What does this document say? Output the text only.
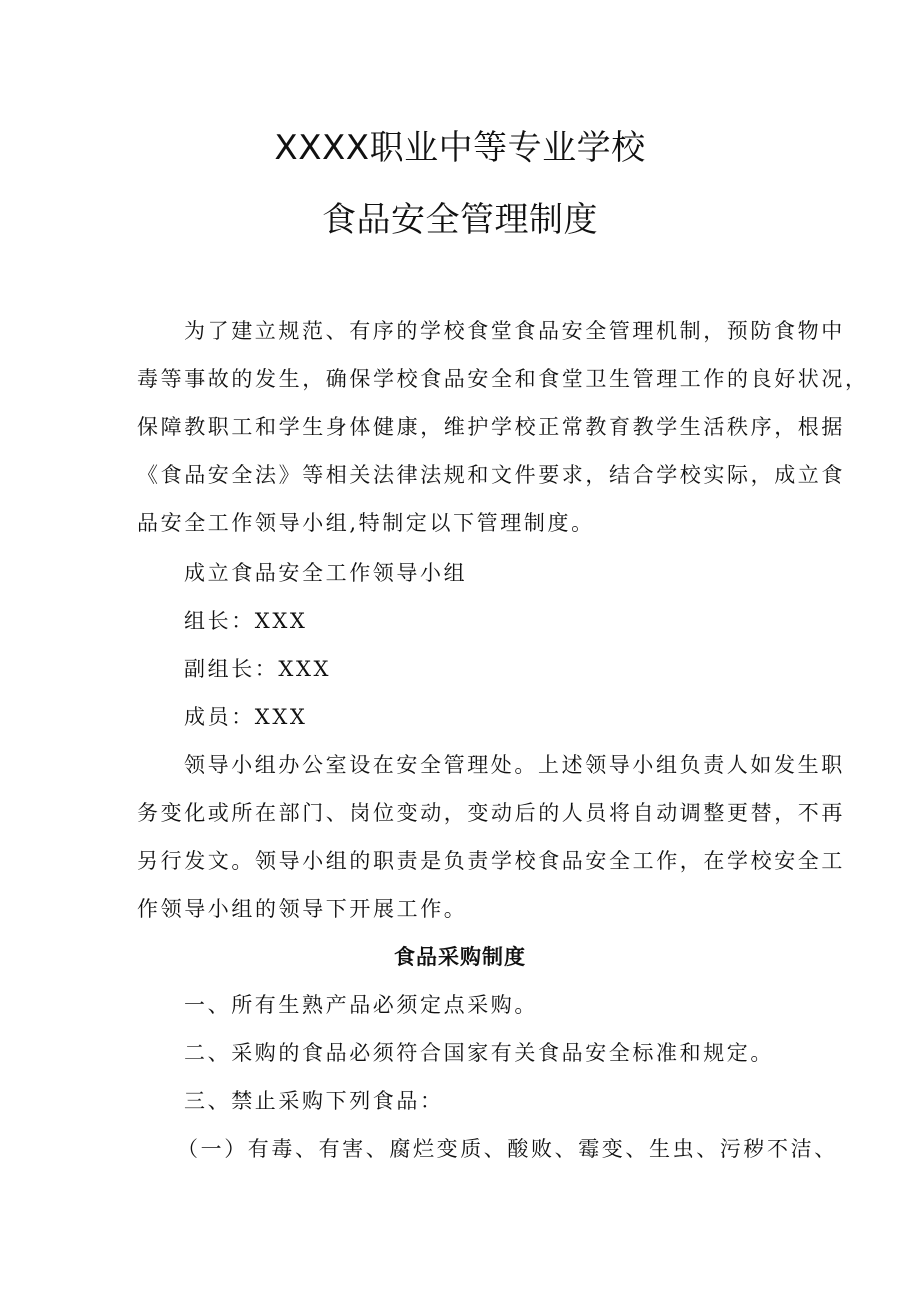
XXXX职业中等专业学校
食品安全管理制度
为了建立规范、有序的学校食堂食品安全管理机制，预防食物中
毒等事故的发生，确保学校食品安全和食堂卫生管理工作的良好状况，
保障教职工和学生身体健康，维护学校正常教育教学生活秩序，根据
《食品安全法》等相关法律法规和文件要求，结合学校实际，成立食
品安全工作领导小组,特制定以下管理制度。

成立食品安全工作领导小组

组长：XXX

副组长：XXX

成员：XXX

领导小组办公室设在安全管理处。上述领导小组负责人如发生职
务变化或所在部门、岗位变动，变动后的人员将自动调整更替，不再
另行发文。领导小组的职责是负责学校食品安全工作，在学校安全工
作领导小组的领导下开展工作。
食品采购制度

一、所有生熟产品必须定点采购。

二、采购的食品必须符合国家有关食品安全标准和规定。

三、禁止采购下列食品：

（一）有毒、有害、腐烂变质、酸败、霉变、生虫、污秽不洁、
